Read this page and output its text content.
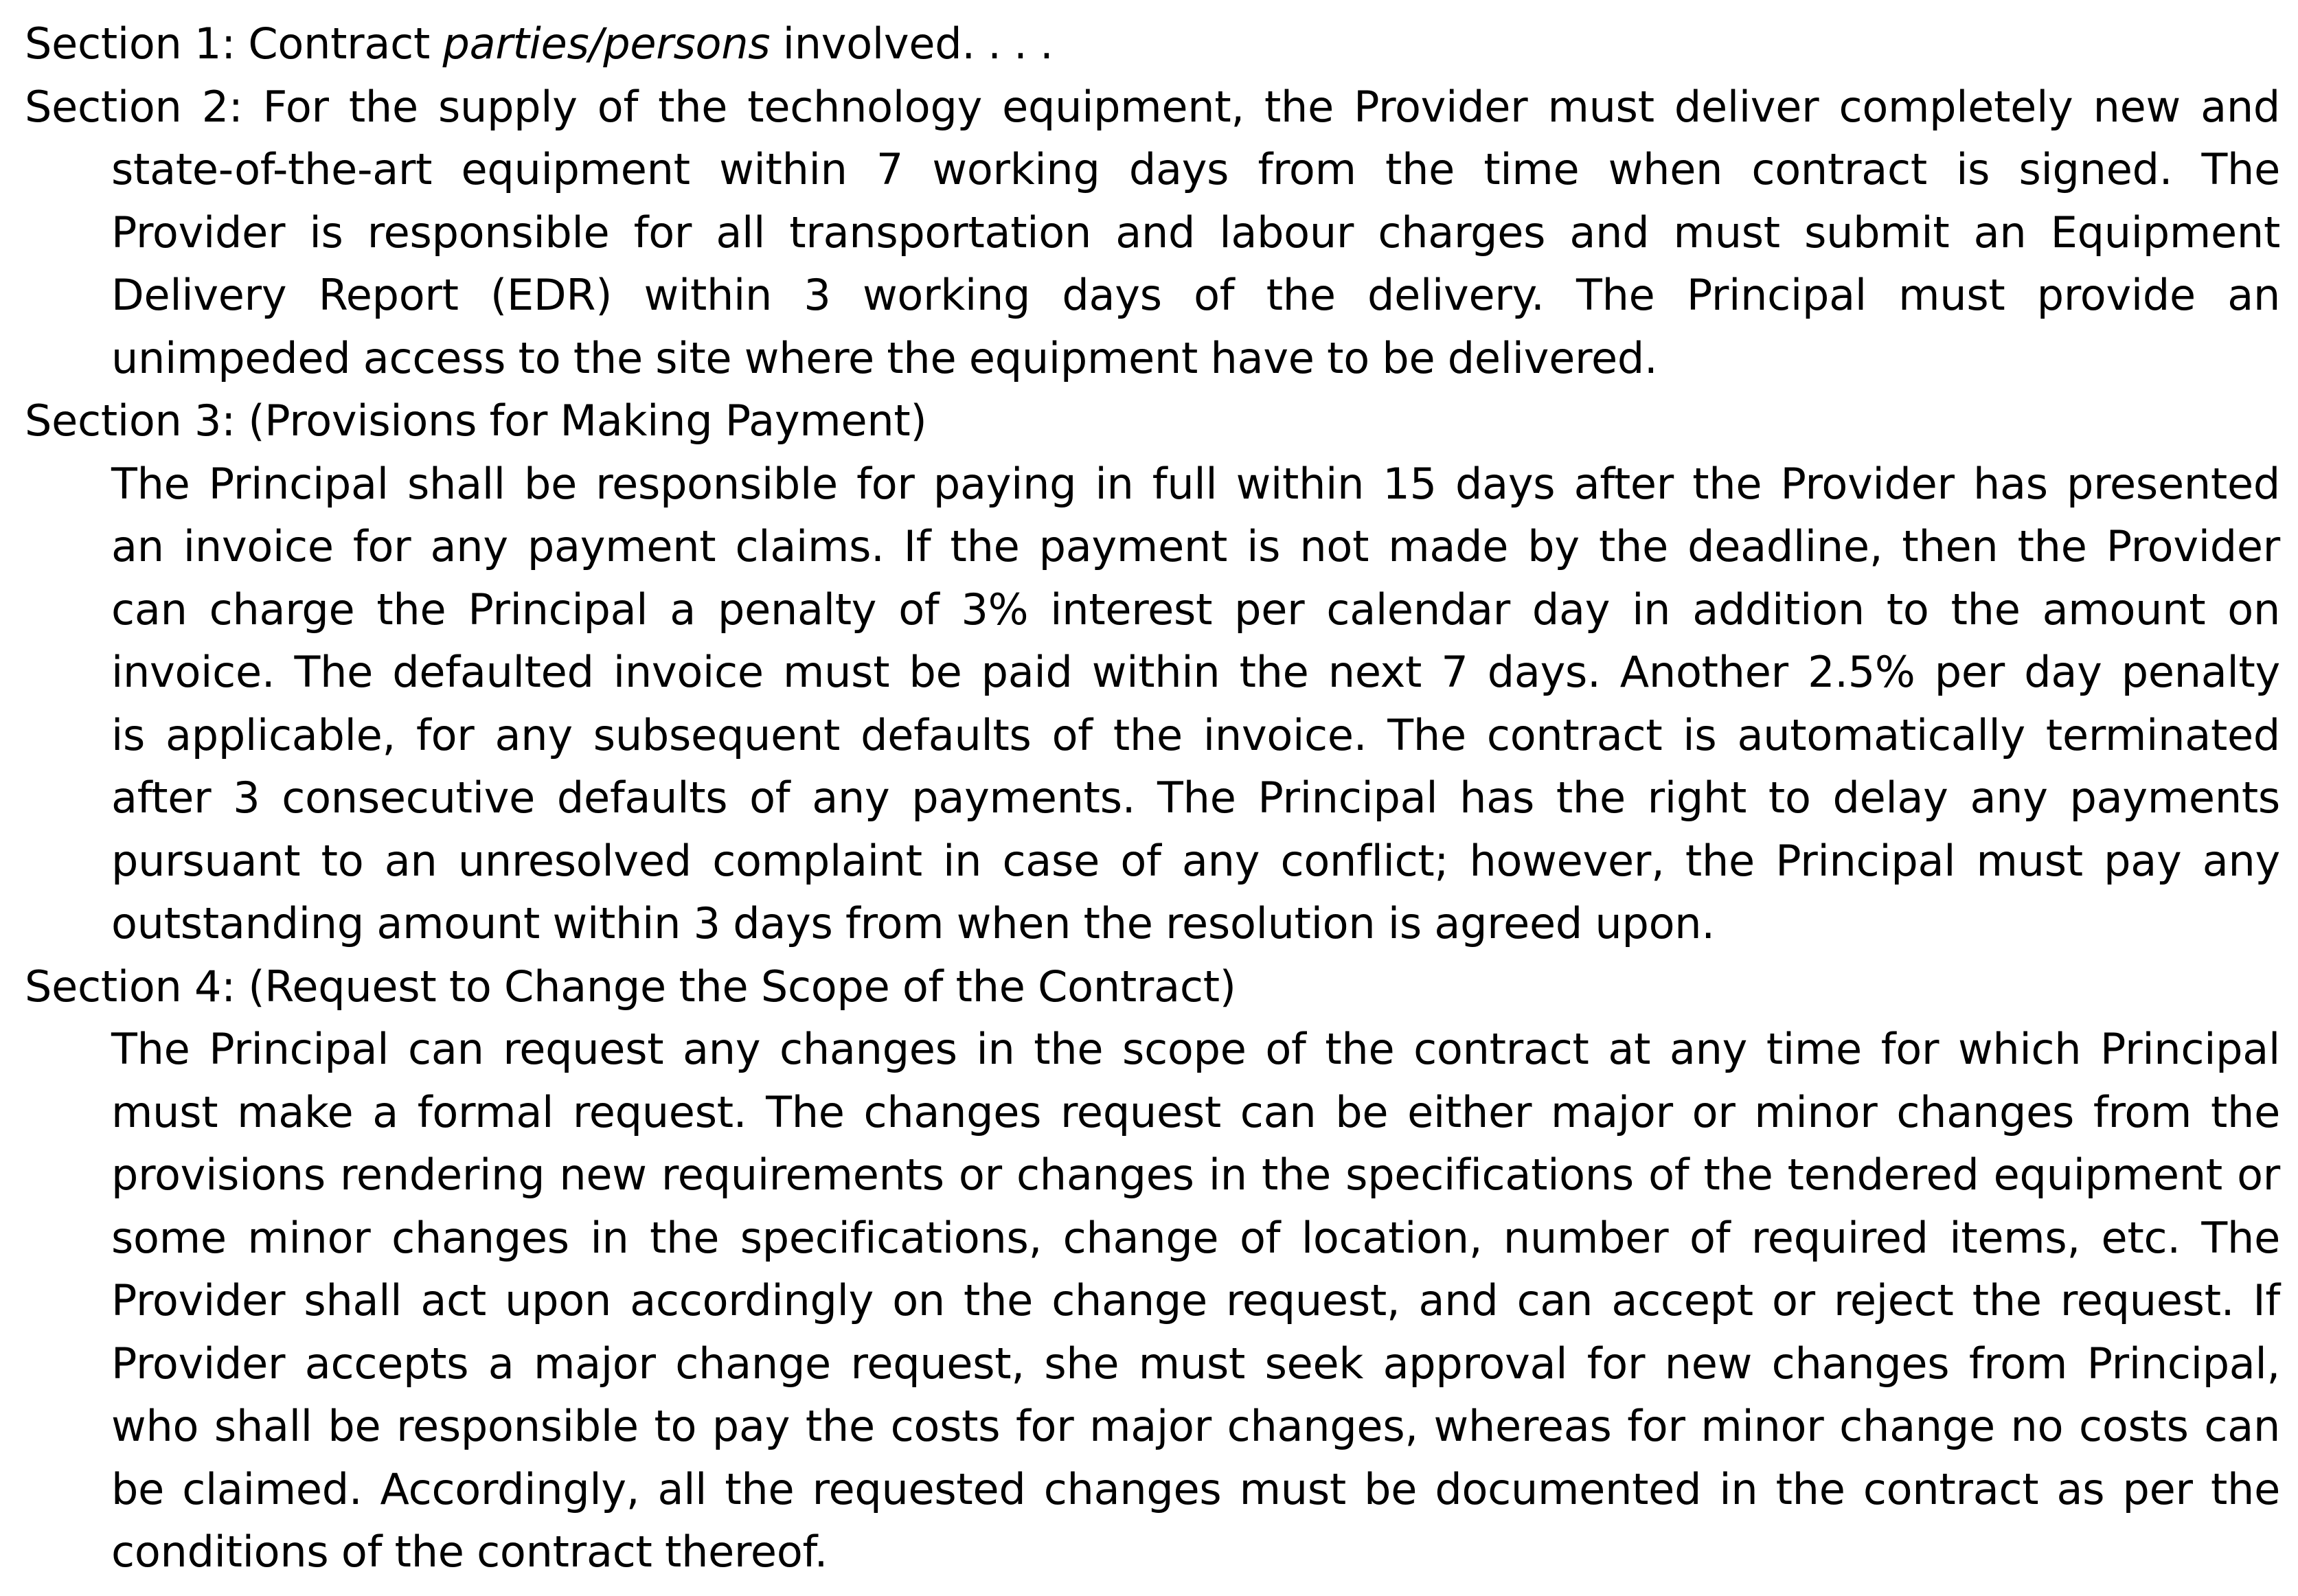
Section 1: Contract parties/persons involved. . . .
Section 2: For the supply of the technology equipment, the Provider must deliver completely new and
state-of-the-art equipment within 7 working days from the time when contract is signed. The
Provider is responsible for all transportation and labour charges and must submit an Equipment
Delivery Report (EDR) within 3 working days of the delivery. The Principal must provide an
unimpeded access to the site where the equipment have to be delivered.
Section 3: (Provisions for Making Payment)
The Principal shall be responsible for paying in full within 15 days after the Provider has presented
an invoice for any payment claims. If the payment is not made by the deadline, then the Provider
can charge the Principal a penalty of 3% interest per calendar day in addition to the amount on
invoice. The defaulted invoice must be paid within the next 7 days. Another 2.5% per day penalty
is applicable, for any subsequent defaults of the invoice. The contract is automatically terminated
after 3 consecutive defaults of any payments. The Principal has the right to delay any payments
pursuant to an unresolved complaint in case of any conflict; however, the Principal must pay any
outstanding amount within 3 days from when the resolution is agreed upon.
Section 4: (Request to Change the Scope of the Contract)
The Principal can request any changes in the scope of the contract at any time for which Principal
must make a formal request. The changes request can be either major or minor changes from the
provisions rendering new requirements or changes in the specifications of the tendered equipment or
some minor changes in the specifications, change of location, number of required items, etc. The
Provider shall act upon accordingly on the change request, and can accept or reject the request. If
Provider accepts a major change request, she must seek approval for new changes from Principal,
who shall be responsible to pay the costs for major changes, whereas for minor change no costs can
be claimed. Accordingly, all the requested changes must be documented in the contract as per the
conditions of the contract thereof.
